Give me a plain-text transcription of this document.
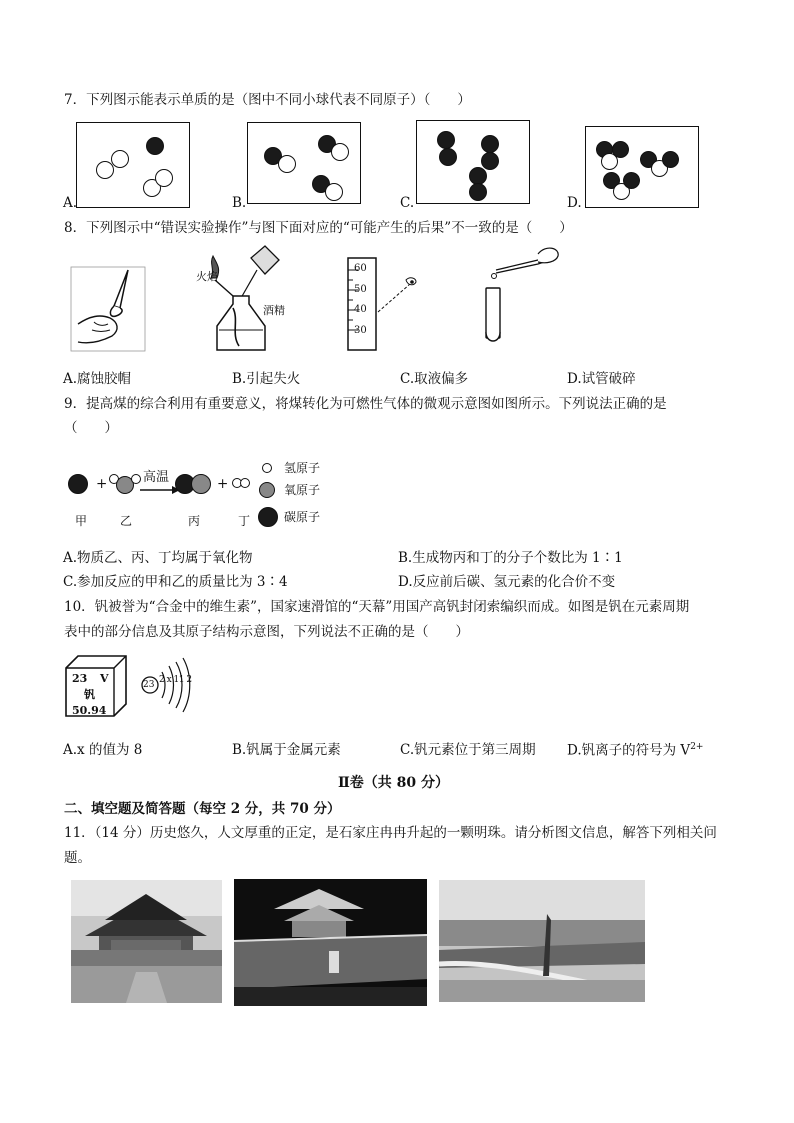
7．下列图示能表示单质的是（图中不同小球代表不同原子）（　　）
A.	B.	C.	D.
8．下列图示中“错误实验操作”与图下面对应的“可能产生的后果”不一致的是（　　）
火焰
酒精
60
50
40
30
A.腐蚀胶帽	B.引起失火	C.取液偏多	D.试管破碎
9．提高煤的综合利用有重要意义，将煤转化为可燃性气体的微观示意图如图所示。下列说法正确的是
（　　）
+	高温	+
氢原子
氧原子
碳原子
甲	乙	丙	丁
A.物质乙、丙、丁均属于氧化物	B.生成物丙和丁的分子个数比为 1∶1
C.参加反应的甲和乙的质量比为 3∶4	D.反应前后碳、氢元素的化合价不变
10．钒被誉为“合金中的维生素”，国家速滑馆的“天幕”用国产高钒封闭索编织而成。如图是钒在元素周期
表中的部分信息及其原子结构示意图，下列说法不正确的是（　　）
23 V
钒
50.94
23 2 x 11 2
A.x 的值为 8	B.钒属于金属元素	C.钒元素位于第三周期 D.钒离子的符号为 $V^{2+}$
Ⅱ卷（共 80 分）
二、填空题及简答题（每空 2 分，共 70 分）
11．（14 分）历史悠久，人文厚重的正定，是石家庄冉冉升起的一颗明珠。请分析图文信息，解答下列相关问
题。
